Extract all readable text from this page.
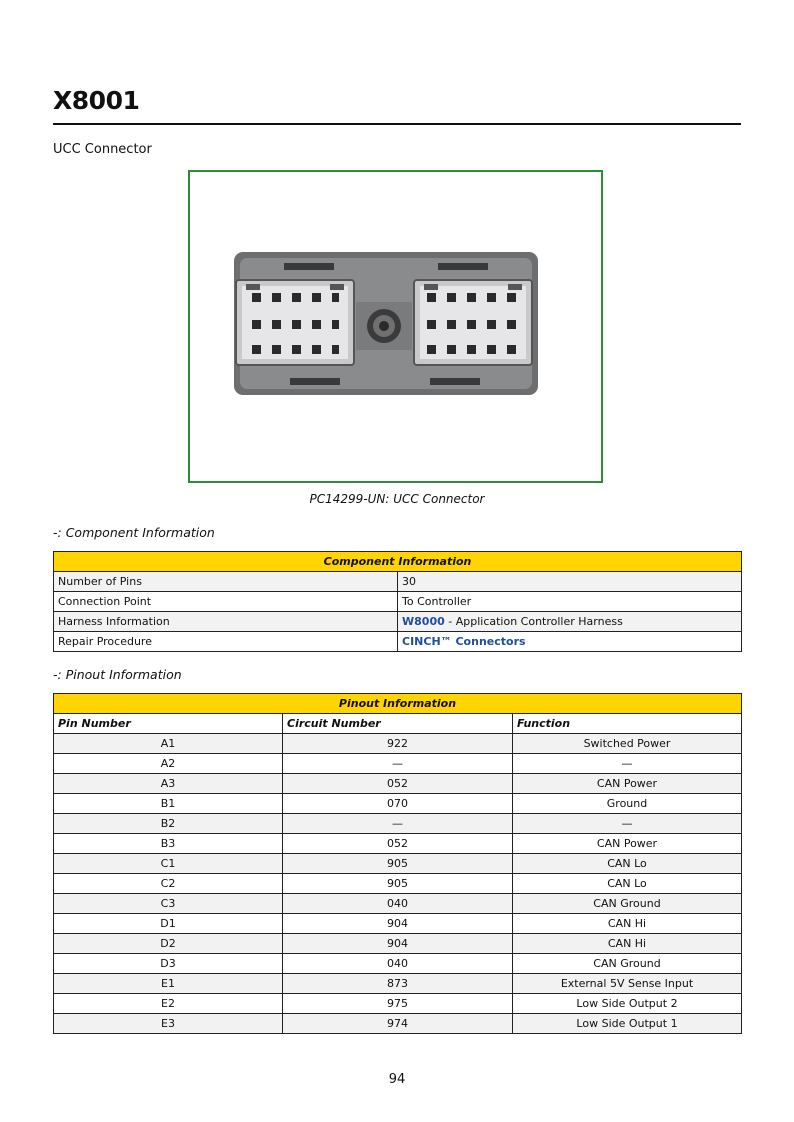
X8001
UCC Connector
PC14299-UN: UCC Connector
-: Component Information
Component Information	
Number of Pins	30
Connection Point	To Controller
Harness Information	W8000 - Application Controller Harness
Repair Procedure	CINCH™ Connectors
-: Pinout Information
Pinout Information		
Pin Number	Circuit Number	Function
A1	922	Switched Power
A2	—	—
A3	052	CAN Power
B1	070	Ground
B2	—	—
B3	052	CAN Power
C1	905	CAN Lo
C2	905	CAN Lo
C3	040	CAN Ground
D1	904	CAN Hi
D2	904	CAN Hi
D3	040	CAN Ground
E1	873	External 5V Sense Input
E2	975	Low Side Output 2
E3	974	Low Side Output 1
94
